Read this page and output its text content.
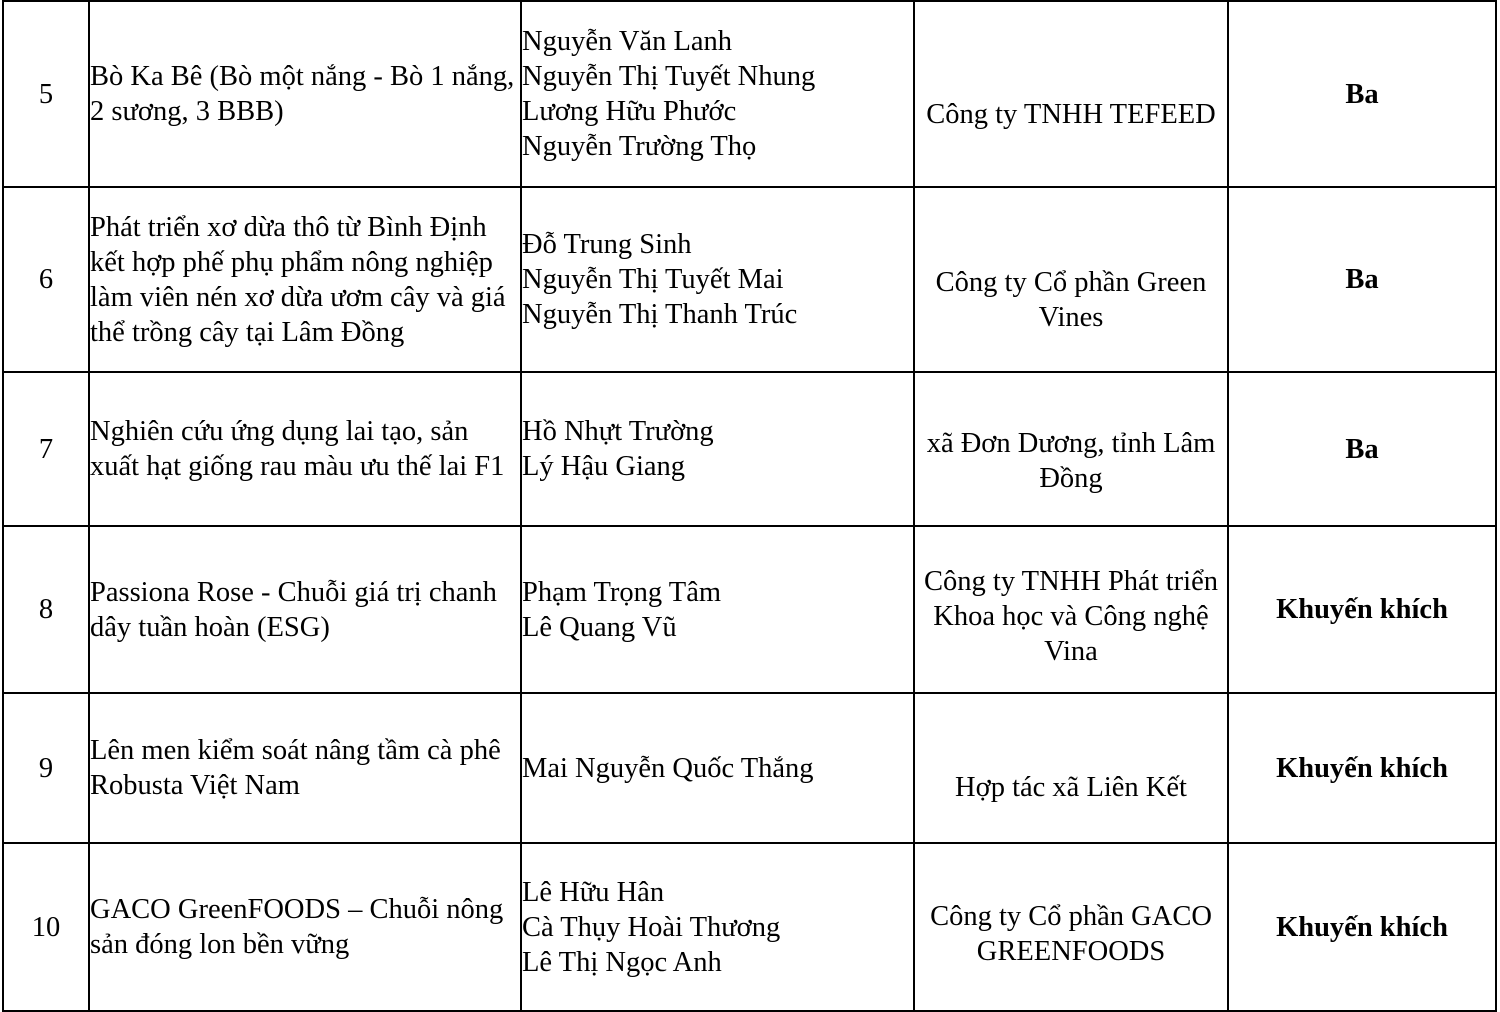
5	Bò Ka Bê (Bò một nắng - Bò 1 nắng, 2 sương, 3 BBB)	Nguyễn Văn Lanh
Nguyễn Thị Tuyết Nhung
Lương Hữu Phước
Nguyễn Trường Thọ	Công ty TNHH TEFEED	Ba
6	Phát triển xơ dừa thô từ Bình Định kết hợp phế phụ phẩm nông nghiệp làm viên nén xơ dừa ươm cây và giá thể trồng cây tại Lâm Đồng	Đỗ Trung Sinh
Nguyễn Thị Tuyết Mai
Nguyễn Thị Thanh Trúc	Công ty Cổ phần Green Vines	Ba
7	Nghiên cứu ứng dụng lai tạo, sản xuất hạt giống rau màu ưu thế lai F1	Hồ Nhựt Trường
Lý Hậu Giang	xã Đơn Dương, tỉnh Lâm Đồng	Ba
8	Passiona Rose - Chuỗi giá trị chanh dây tuần hoàn (ESG)	Phạm Trọng Tâm
Lê Quang Vũ	Công ty TNHH Phát triển Khoa học và Công nghệ Vina	Khuyến khích
9	Lên men kiểm soát nâng tầm cà phê Robusta Việt Nam	Mai Nguyễn Quốc Thắng	Hợp tác xã Liên Kết	Khuyến khích
10	GACO GreenFOODS – Chuỗi nông sản đóng lon bền vững	Lê Hữu Hân
Cà Thụy Hoài Thương
Lê Thị Ngọc Anh	Công ty Cổ phần GACO GREENFOODS	Khuyến khích
